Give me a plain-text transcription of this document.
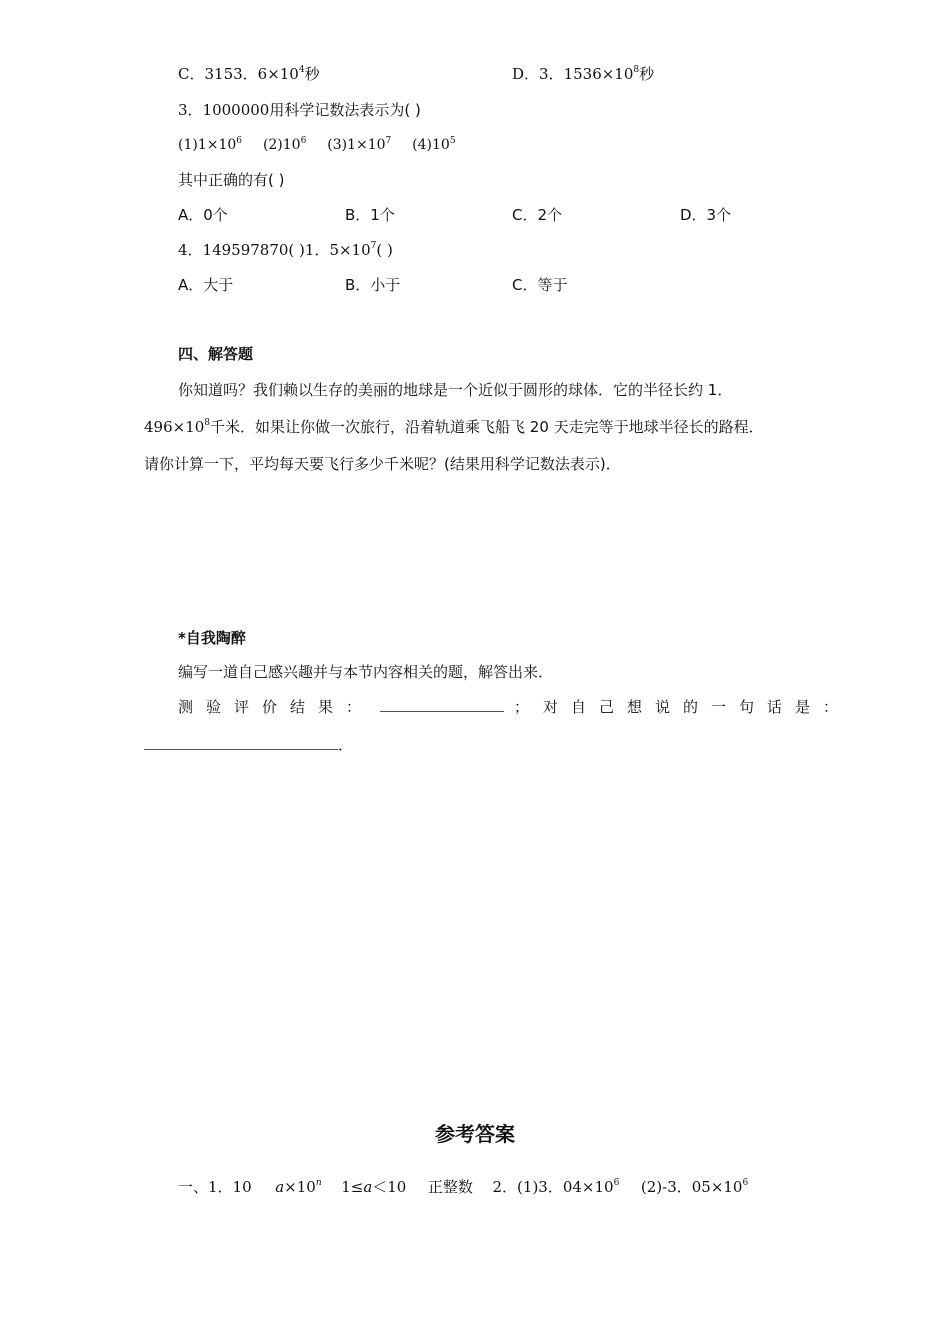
C．3153．$6\times 10^4$秒	D．3．$1536\times 10^8$秒
3．1000000用科学记数法表示为( )
$(1)1\times 10^6$ $(2)10^6$ $(3)1\times 10^7$ $(4)10^5$
其中正确的有( )
A．0个	B．1个	C．2个	D．3个
4．149597870( )1．$5\times 10^7$( )
A．大于	B．小于	C．等于
四、解答题
你知道吗？我们赖以生存的美丽的地球是一个近似于圆形的球体．它的半径长约 1．
$496\times 10^8$千米．如果让你做一次旅行，沿着轨道乘飞船飞 20 天走完等于地球半径长的路程．
请你计算一下，平均每天要飞行多少千米呢？(结果用科学记数法表示)．
*自我陶醉
编写一道自己感兴趣并与本节内容相关的题，解答出来．
测验评价结果：	； 对自己想说的一句话是：
．
参考答案
一、1．10 $a\times 10^n$ 1≤a＜10 正整数 2．(1)3．$04\times 10^6$ (2)-3．$05\times 10^6$
